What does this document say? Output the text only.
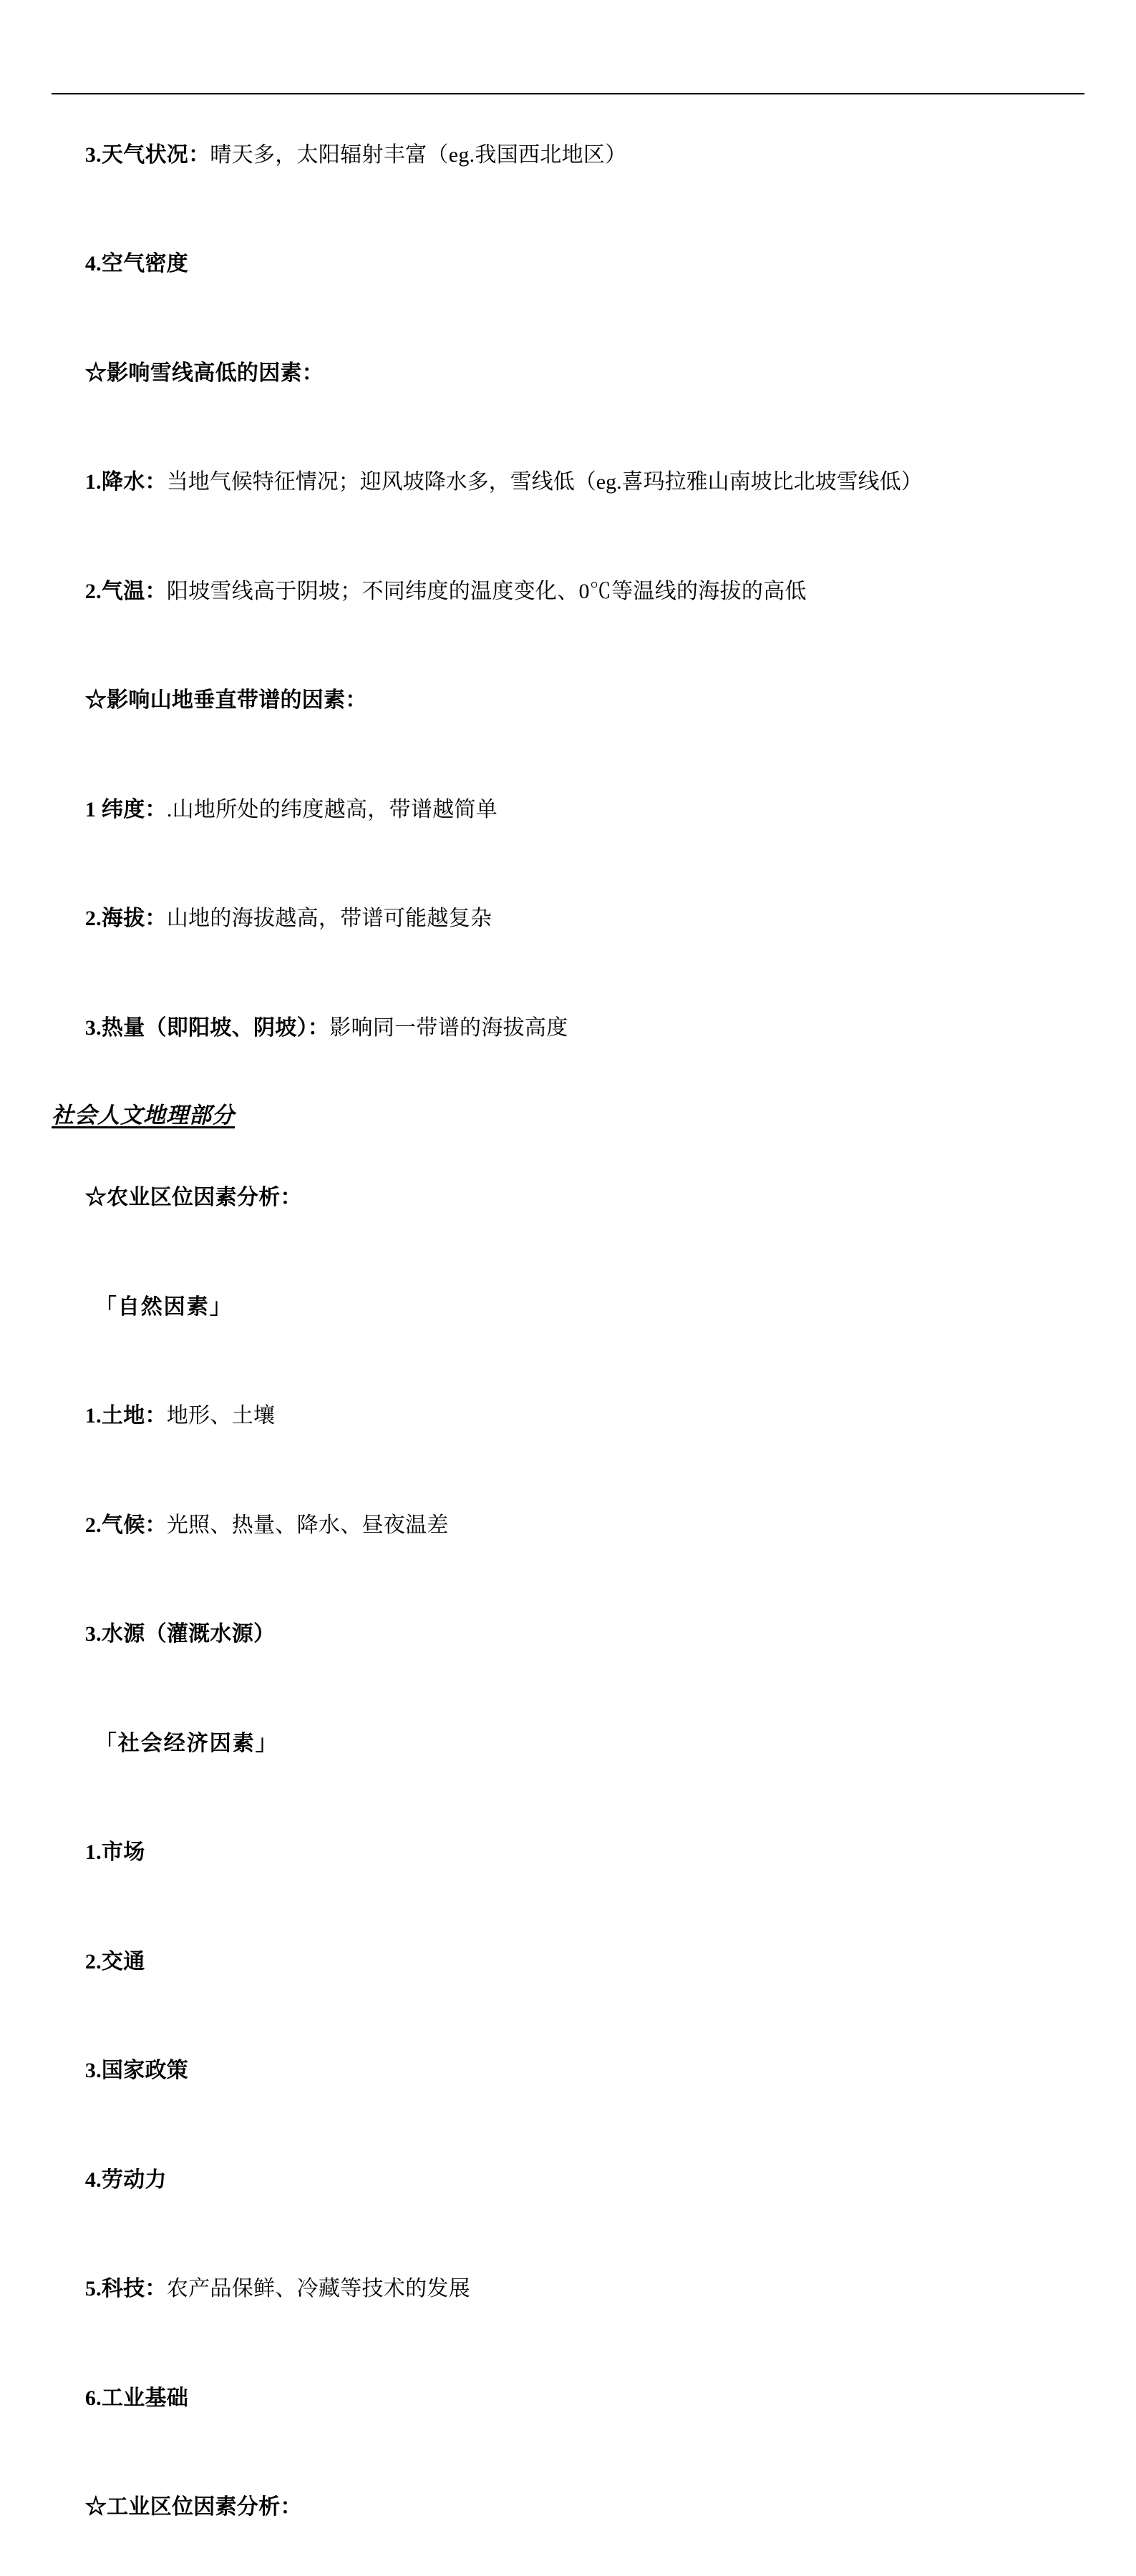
3.天气状况：晴天多，太阳辐射丰富（eg.我国西北地区）

4.空气密度

☆影响雪线高低的因素：

1.降水：当地气候特征情况；迎风坡降水多，雪线低（eg.喜玛拉雅山南坡比北坡雪线低）

2.气温：阳坡雪线高于阴坡；不同纬度的温度变化、0℃等温线的海拔的高低

☆影响山地垂直带谱的因素：

1 纬度：.山地所处的纬度越高，带谱越简单

2.海拔：山地的海拔越高，带谱可能越复杂

3.热量（即阳坡、阴坡）：影响同一带谱的海拔高度

社会人文地理部分

☆农业区位因素分析：

「自然因素」

1.土地：地形、土壤

2.气候：光照、热量、降水、昼夜温差

3.水源（灌溉水源）

「社会经济因素」

1.市场

2.交通

3.国家政策

4.劳动力

5.科技：农产品保鲜、冷藏等技术的发展

6.工业基础

☆工业区位因素分析：
